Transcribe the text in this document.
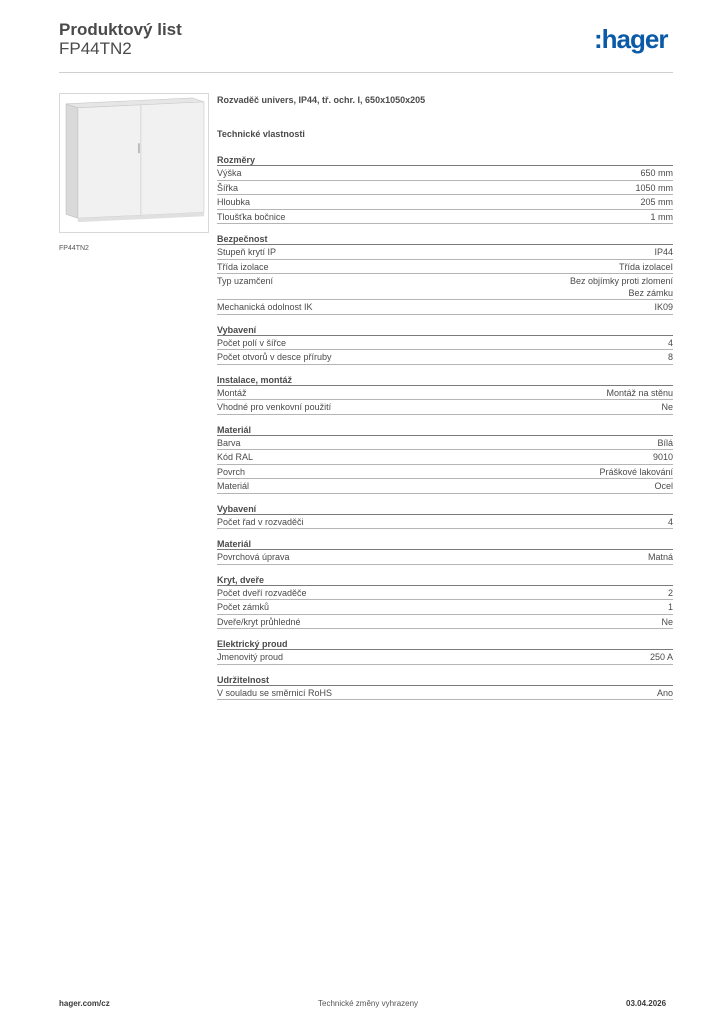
Produktový list
FP44TN2	:hager
FP44TN2
Rozvaděč univers, IP44, tř. ochr. I, 650x1050x205
Technické vlastnosti
Rozměry
Výška	650 mm
Šířka	1050 mm
Hloubka	205 mm
Tloušťka bočnice	1 mm
Bezpečnost
Stupeň krytí IP	IP44
Třída izolace	Třída izolaceI
Typ uzamčení	Bez objímky proti zlomení
Bez zámku
Mechanická odolnost IK	IK09
Vybavení
Počet polí v šířce	4
Počet otvorů v desce příruby	8
Instalace, montáž
Montáž	Montáž na stěnu
Vhodné pro venkovní použití	Ne
Materiál
Barva	Bílá
Kód RAL	9010
Povrch	Práškové lakování
Materiál	Ocel
Vybavení
Počet řad v rozvaděči	4
Materiál
Povrchová úprava	Matná
Kryt, dveře
Počet dveří rozvaděče	2
Počet zámků	1
Dveře/kryt průhledné	Ne
Elektrický proud
Jmenovitý proud	250 A
Udržitelnost
V souladu se směrnicí RoHS	Ano
hager.com/cz	Technické změny vyhrazeny	03.04.2026
